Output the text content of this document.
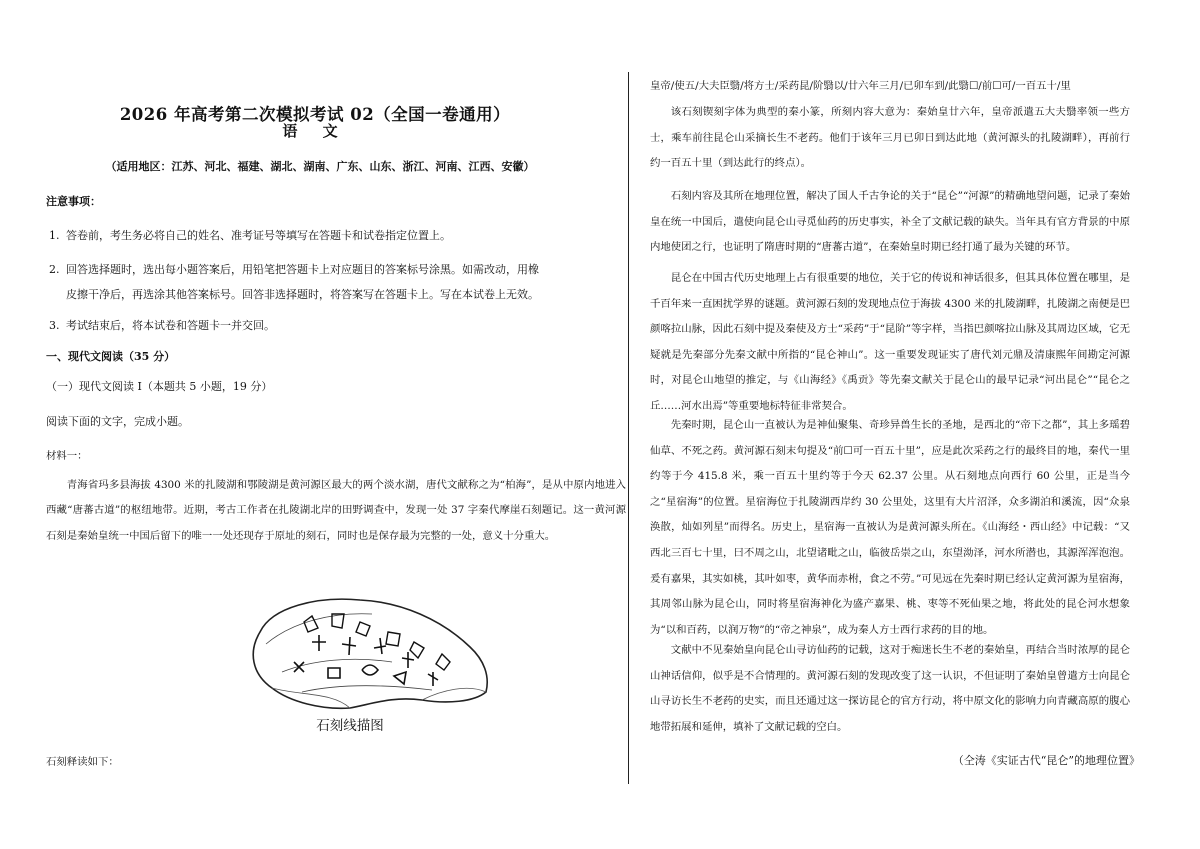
2026 年高考第二次模拟考试 02（全国一卷通用）
语 文
（适用地区：江苏、河北、福建、湖北、湖南、广东、山东、浙江、河南、江西、安徽）
注意事项：
1. 答卷前，考生务必将自己的姓名、准考证号等填写在答题卡和试卷指定位置上。
2. 回答选择题时，选出每小题答案后，用铅笔把答题卡上对应题目的答案标号涂黑。如需改动，用橡
皮擦干净后，再选涂其他答案标号。回答非选择题时，将答案写在答题卡上。写在本试卷上无效。
3. 考试结束后，将本试卷和答题卡一并交回。
一、现代文阅读（35 分）
（一）现代文阅读 I（本题共 5 小题，19 分）
阅读下面的文字，完成小题。
材料一：
青海省玛多县海拔 4300 米的扎陵湖和鄂陵湖是黄河源区最大的两个淡水湖，唐代文献称之为“柏海”，是从中原内地进入西藏“唐蕃古道”的枢纽地带。近期，考古工作者在扎陵湖北岸的田野调查中，发现一处 37 字秦代摩崖石刻题记。这一黄河源石刻是秦始皇统一中国后留下的唯一一处还现存于原址的刻石，同时也是保存最为完整的一处，意义十分重大。
石刻线描图
石刻释读如下：
皇帝/使五/大夫臣翳/将方士/采药昆/阶翳以/廿六年三月/已卯车到/此翳☐/前☐可/一百五十/里
该石刻锲刻字体为典型的秦小篆，所刻内容大意为：秦始皇廿六年，皇帝派遣五大夫翳率领一些方士，乘车前往昆仑山采摘长生不老药。他们于该年三月已卯日到达此地（黄河源头的扎陵湖畔），再前行约一百五十里（到达此行的终点）。
石刻内容及其所在地理位置，解决了国人千古争论的关于“昆仑”“河源”的精确地望问题，记录了秦始皇在统一中国后，遣使向昆仑山寻觅仙药的历史事实，补全了文献记载的缺失。当年具有官方背景的中原内地使团之行，也证明了隋唐时期的“唐蕃古道”，在秦始皇时期已经打通了最为关键的环节。
昆仑在中国古代历史地理上占有很重要的地位，关于它的传说和神话很多，但其具体位置在哪里，是千百年来一直困扰学界的谜题。黄河源石刻的发现地点位于海拔 4300 米的扎陵湖畔，扎陵湖之南便是巴颜喀拉山脉，因此石刻中提及秦使及方士“采药”于“昆阶”等字样，当指巴颜喀拉山脉及其周边区域，它无疑就是先秦部分先秦文献中所指的“昆仑神山”。这一重要发现证实了唐代刘元鼎及清康熙年间勘定河源时，对昆仑山地望的推定，与《山海经》《禹贡》等先秦文献关于昆仑山的最早记录“河出昆仑”“昆仑之丘……河水出焉”等重要地标特征非常契合。
先秦时期，昆仑山一直被认为是神仙聚集、奇珍异兽生长的圣地，是西北的“帝下之都”，其上多瑶碧仙草、不死之药。黄河源石刻末句提及“前☐可一百五十里”，应是此次采药之行的最终目的地，秦代一里约等于今 415.8 米，乘一百五十里约等于今天 62.37 公里。从石刻地点向西行 60 公里，正是当今之“星宿海”的位置。星宿海位于扎陵湖西岸约 30 公里处，这里有大片沼泽，众多湖泊和溪流，因“众泉涣散，灿如列星”而得名。历史上，星宿海一直被认为是黄河源头所在。《山海经・西山经》中记载：“又西北三百七十里，曰不周之山，北望诸毗之山，临彼岳崇之山，东望泑泽，河水所潜也，其源浑浑泡泡。爰有嘉果，其实如桃，其叶如枣，黄华而赤柎，食之不劳。”可见远在先秦时期已经认定黄河源为星宿海，其周邻山脉为昆仑山，同时将星宿海神化为盛产嘉果、桃、枣等不死仙果之地，将此处的昆仑河水想象为“以和百药，以润万物”的“帝之神泉”，成为秦人方士西行求药的目的地。
文献中不见秦始皇向昆仑山寻访仙药的记载，这对于痴迷长生不老的秦始皇，再结合当时浓厚的昆仑山神话信仰，似乎是不合情理的。黄河源石刻的发现改变了这一认识，不但证明了秦始皇曾遣方士向昆仑山寻访长生不老药的史实，而且还通过这一探访昆仑的官方行动，将中原文化的影响力向青藏高原的腹心地带拓展和延伸，填补了文献记载的空白。
（仝涛《实证古代“昆仑”的地理位置》
